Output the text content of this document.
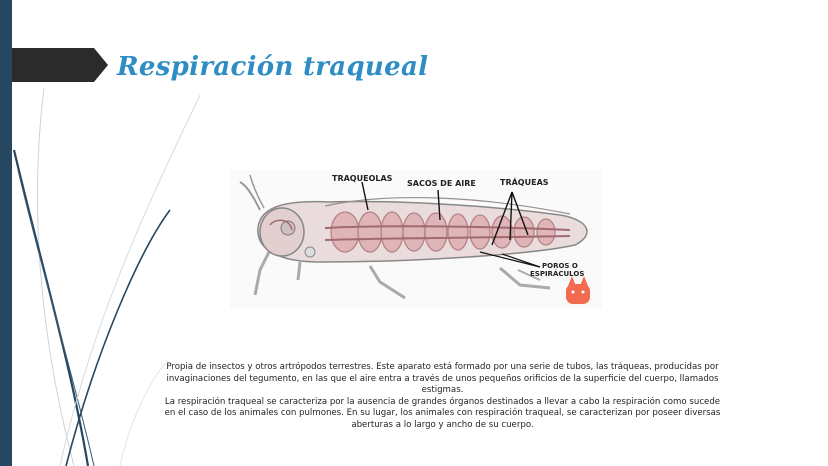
Respiración traqueal
TRAQUEOLAS
SACOS DE AIRE	TRÁQUEAS
POROS O
ESPIRÁCULOS

Propia de insectos y otros artrópodos terrestres. Este aparato está formado por una serie de tubos, las tráqueas, producidas por invaginaciones del tegumento, en las que el aire entra a través de unos pequeños orificios de la superficie del cuerpo, llamados estigmas.

La respiración traqueal se caracteriza por la ausencia de grandes órganos destinados a llevar a cabo la respiración como sucede en el caso de los animales con pulmones. En su lugar, los animales con respiración traqueal, se caracterizan por poseer diversas aberturas a lo largo y ancho de su cuerpo.
